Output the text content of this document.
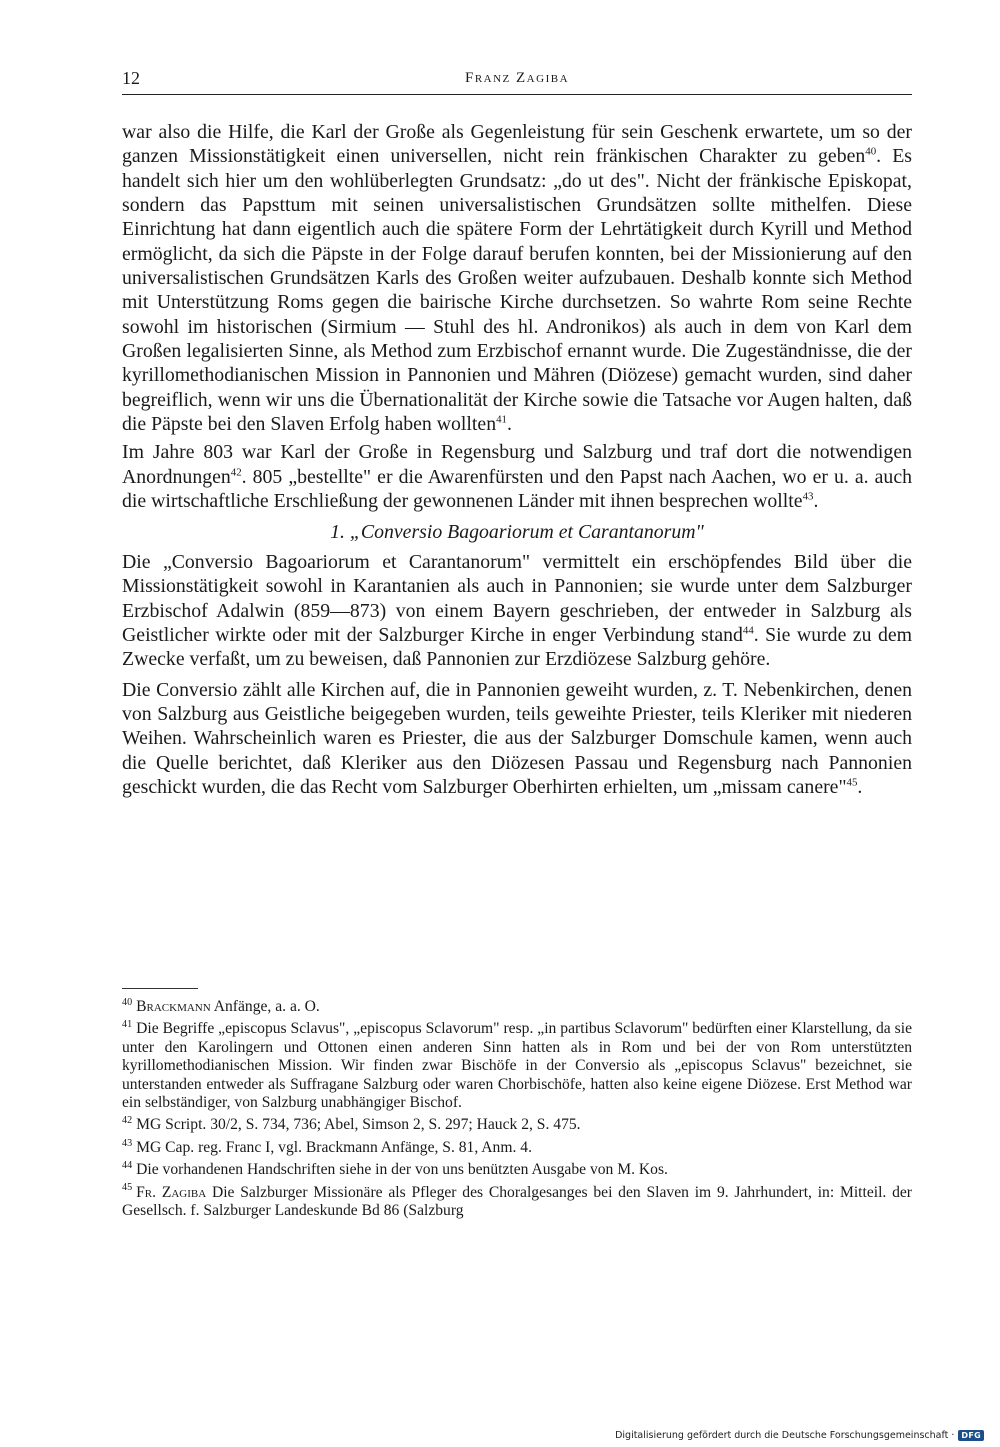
12	Franz Zagiba

war also die Hilfe, die Karl der Große als Gegenleistung für sein Geschenk erwartete, um so der ganzen Missionstätigkeit einen universellen, nicht rein fränkischen Charakter zu geben$^{40}$. Es handelt sich hier um den wohlüberlegten Grundsatz: „do ut des". Nicht der fränkische Episkopat, sondern das Papsttum mit seinen universalistischen Grundsätzen sollte mithelfen. Diese Einrichtung hat dann eigentlich auch die spätere Form der Lehrtätigkeit durch Kyrill und Method ermöglicht, da sich die Päpste in der Folge darauf berufen konnten, bei der Missionierung auf den universalistischen Grundsätzen Karls des Großen weiter aufzubauen. Deshalb konnte sich Method mit Unterstützung Roms gegen die bairische Kirche durchsetzen. So wahrte Rom seine Rechte sowohl im historischen (Sirmium — Stuhl des hl. Andronikos) als auch in dem von Karl dem Großen legalisierten Sinne, als Method zum Erzbischof ernannt wurde. Die Zugeständnisse, die der kyrillomethodianischen Mission in Pannonien und Mähren (Diözese) gemacht wurden, sind daher begreiflich, wenn wir uns die Übernationalität der Kirche sowie die Tatsache vor Augen halten, daß die Päpste bei den Slaven Erfolg haben wollten$^{41}$.

Im Jahre 803 war Karl der Große in Regensburg und Salzburg und traf dort die notwendigen Anordnungen$^{42}$. 805 „bestellte" er die Awarenfürsten und den Papst nach Aachen, wo er u. a. auch die wirtschaftliche Erschließung der gewonnenen Länder mit ihnen besprechen wollte$^{43}$.

1. „Conversio Bagoariorum et Carantanorum"

Die „Conversio Bagoariorum et Carantanorum" vermittelt ein erschöpfendes Bild über die Missionstätigkeit sowohl in Karantanien als auch in Pannonien; sie wurde unter dem Salzburger Erzbischof Adalwin (859—873) von einem Bayern geschrieben, der entweder in Salzburg als Geistlicher wirkte oder mit der Salzburger Kirche in enger Verbindung stand$^{44}$. Sie wurde zu dem Zwecke verfaßt, um zu beweisen, daß Pannonien zur Erzdiözese Salzburg gehöre.

Die Conversio zählt alle Kirchen auf, die in Pannonien geweiht wurden, z. T. Nebenkirchen, denen von Salzburg aus Geistliche beigegeben wurden, teils geweihte Priester, teils Kleriker mit niederen Weihen. Wahrscheinlich waren es Priester, die aus der Salzburger Domschule kamen, wenn auch die Quelle berichtet, daß Kleriker aus den Diözesen Passau und Regensburg nach Pannonien geschickt wurden, die das Recht vom Salzburger Oberhirten erhielten, um „missam canere"$^{45}$.

$^{40}$ Brackmann Anfänge, a. a. O.

$^{41}$ Die Begriffe „episcopus Sclavus", „episcopus Sclavorum" resp. „in partibus Sclavorum" bedürften einer Klarstellung, da sie unter den Karolingern und Ottonen einen anderen Sinn hatten als in Rom und bei der von Rom unterstützten kyrillomethodianischen Mission. Wir finden zwar Bischöfe in der Conversio als „episcopus Sclavus" bezeichnet, sie unterstanden entweder als Suffragane Salzburg oder waren Chorbischöfe, hatten also keine eigene Diözese. Erst Method war ein selbständiger, von Salzburg unabhängiger Bischof.

$^{42}$ MG Script. 30/2, S. 734, 736; Abel, Simson 2, S. 297; Hauck 2, S. 475.

$^{43}$ MG Cap. reg. Franc I, vgl. Brackmann Anfänge, S. 81, Anm. 4.

$^{44}$ Die vorhandenen Handschriften siehe in der von uns benützten Ausgabe von M. Kos.

$^{45}$ Fr. Zagiba Die Salzburger Missionäre als Pfleger des Choralgesanges bei den Slaven im 9. Jahrhundert, in: Mitteil. der Gesellsch. f. Salzburger Landeskunde Bd 86 (Salzburg

Digitalisierung gefördert durch die Deutsche Forschungsgemeinschaft · DFG
